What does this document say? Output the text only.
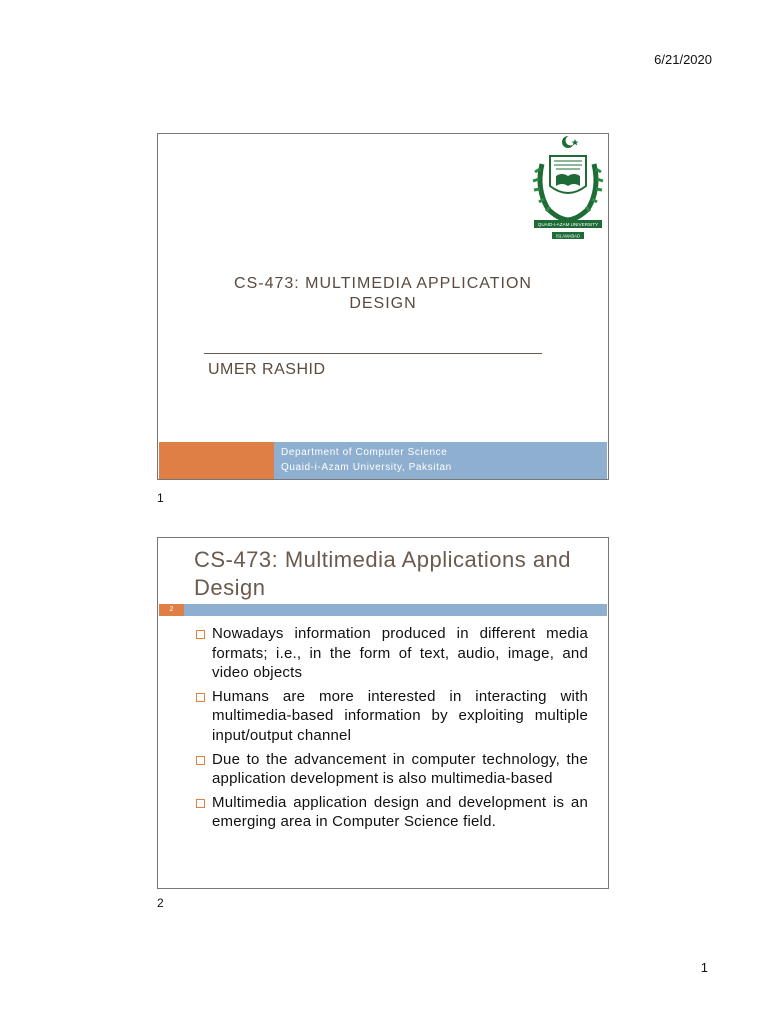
6/21/2020
QUAID-I-AZAM UNIVERSITY
ISLAMABAD
CS-473: MULTIMEDIA APPLICATION
DESIGN
UMER RASHID
Department of Computer Science
Quaid-i-Azam University, Paksitan
1
CS-473: Multimedia Applications and Design
2
Nowadays information produced in different media formats; i.e., in the form of text, audio, image, and video objects
Humans are more interested in interacting with multimedia-based information by exploiting multiple input/output channel
Due to the advancement in computer technology, the application development is also multimedia-based
Multimedia application design and development is an emerging area in Computer Science field.
2
1
